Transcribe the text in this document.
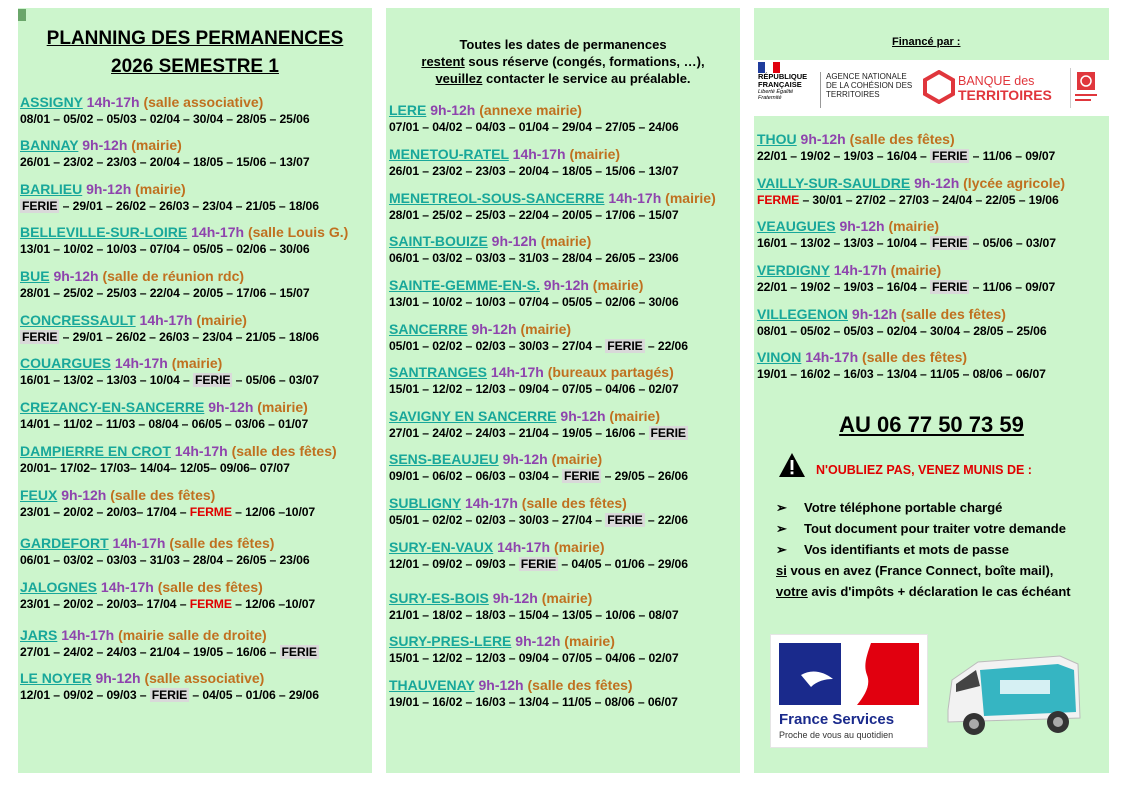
PLANNING DES PERMANENCES
2026 SEMESTRE 1
Toutes les dates de permanences
restent sous réserve (congés, formations, …),
veuillez contacter le service au préalable.
ASSIGNY 14h-17h (salle associative)
08/01 – 05/02 – 05/03 – 02/04 – 30/04 – 28/05 – 25/06
BANNAY 9h-12h (mairie)
26/01 – 23/02 – 23/03 – 20/04 – 18/05 – 15/06 – 13/07
BARLIEU 9h-12h (mairie)
FERIE – 29/01 – 26/02 – 26/03 – 23/04 – 21/05 – 18/06
BELLEVILLE-SUR-LOIRE 14h-17h (salle Louis G.)
13/01 – 10/02 – 10/03 – 07/04 – 05/05 – 02/06 – 30/06
BUE 9h-12h (salle de réunion rdc)
28/01 – 25/02 – 25/03 – 22/04 – 20/05 – 17/06 – 15/07
CONCRESSAULT 14h-17h (mairie)
FERIE – 29/01 – 26/02 – 26/03 – 23/04 – 21/05 – 18/06
COUARGUES 14h-17h (mairie)
16/01 – 13/02 – 13/03 – 10/04 – FERIE – 05/06 – 03/07
CREZANCY-EN-SANCERRE 9h-12h (mairie)
14/01 – 11/02 – 11/03 – 08/04 – 06/05 – 03/06 – 01/07
DAMPIERRE EN CROT 14h-17h (salle des fêtes)
20/01– 17/02– 17/03– 14/04– 12/05– 09/06– 07/07
FEUX 9h-12h (salle des fêtes)
23/01 – 20/02 – 20/03– 17/04 – FERME – 12/06 –10/07
GARDEFORT 14h-17h (salle des fêtes)
06/01 – 03/02 – 03/03 – 31/03 – 28/04 – 26/05 – 23/06
JALOGNES 14h-17h (salle des fêtes)
23/01 – 20/02 – 20/03– 17/04 – FERME – 12/06 –10/07
JARS 14h-17h (mairie salle de droite)
27/01 – 24/02 – 24/03 – 21/04 – 19/05 – 16/06 – FERIE
LE NOYER 9h-12h (salle associative)
12/01 – 09/02 – 09/03 – FERIE – 04/05 – 01/06 – 29/06
LERE 9h-12h (annexe mairie)
07/01 – 04/02 – 04/03 – 01/04 – 29/04 – 27/05 – 24/06
MENETOU-RATEL 14h-17h (mairie)
26/01 – 23/02 – 23/03 – 20/04 – 18/05 – 15/06 – 13/07
MENETREOL-SOUS-SANCERRE 14h-17h (mairie)
28/01 – 25/02 – 25/03 – 22/04 – 20/05 – 17/06 – 15/07
SAINT-BOUIZE 9h-12h (mairie)
06/01 – 03/02 – 03/03 – 31/03 – 28/04 – 26/05 – 23/06
SAINTE-GEMME-EN-S. 9h-12h (mairie)
13/01 – 10/02 – 10/03 – 07/04 – 05/05 – 02/06 – 30/06
SANCERRE 9h-12h (mairie)
05/01 – 02/02 – 02/03 – 30/03 – 27/04 – FERIE – 22/06
SANTRANGES 14h-17h (bureaux partagés)
15/01 – 12/02 – 12/03 – 09/04 – 07/05 – 04/06 – 02/07
SAVIGNY EN SANCERRE 9h-12h (mairie)
27/01 – 24/02 – 24/03 – 21/04 – 19/05 – 16/06 – FERIE
SENS-BEAUJEU 9h-12h (mairie)
09/01 – 06/02 – 06/03 – 03/04 – FERIE – 29/05 – 26/06
SUBLIGNY 14h-17h (salle des fêtes)
05/01 – 02/02 – 02/03 – 30/03 – 27/04 – FERIE – 22/06
SURY-EN-VAUX 14h-17h (mairie)
12/01 – 09/02 – 09/03 – FERIE – 04/05 – 01/06 – 29/06
SURY-ES-BOIS 9h-12h (mairie)
21/01 – 18/02 – 18/03 – 15/04 – 13/05 – 10/06 – 08/07
SURY-PRES-LERE 9h-12h (mairie)
15/01 – 12/02 – 12/03 – 09/04 – 07/05 – 04/06 – 02/07
THAUVENAY 9h-12h (salle des fêtes)
19/01 – 16/02 – 16/03 – 13/04 – 11/05 – 08/06 – 06/07
THOU 9h-12h (salle des fêtes)
22/01 – 19/02 – 19/03 – 16/04 – FERIE – 11/06 – 09/07
VAILLY-SUR-SAULDRE 9h-12h (lycée agricole)
FERME – 30/01 – 27/02 – 27/03 – 24/04 – 22/05 – 19/06
VEAUGUES 9h-12h (mairie)
16/01 – 13/02 – 13/03 – 10/04 – FERIE – 05/06 – 03/07
VERDIGNY 14h-17h (mairie)
22/01 – 19/02 – 19/03 – 16/04 – FERIE – 11/06 – 09/07
VILLEGENON 9h-12h (salle des fêtes)
08/01 – 05/02 – 05/03 – 02/04 – 30/04 – 28/05 – 25/06
VINON 14h-17h (salle des fêtes)
19/01 – 16/02 – 16/03 – 13/04 – 11/05 – 08/06 – 06/07
Financé par :
RÉPUBLIQUE FRANÇAISE
Liberté Égalité Fraternité
AGENCE NATIONALE DE LA COHÉSION DES TERRITOIRES
BANQUE des
TERRITOIRES
AU 06 77 50 73 59
N'OUBLIEZ PAS, VENEZ MUNIS DE :
➢ Votre téléphone portable chargé
➢ Tout document pour traiter votre demande
➢ Vos identifiants et mots de passe
si vous en avez (France Connect, boîte mail),
votre avis d'impôts + déclaration le cas échéant
France Services
Proche de vous au quotidien
